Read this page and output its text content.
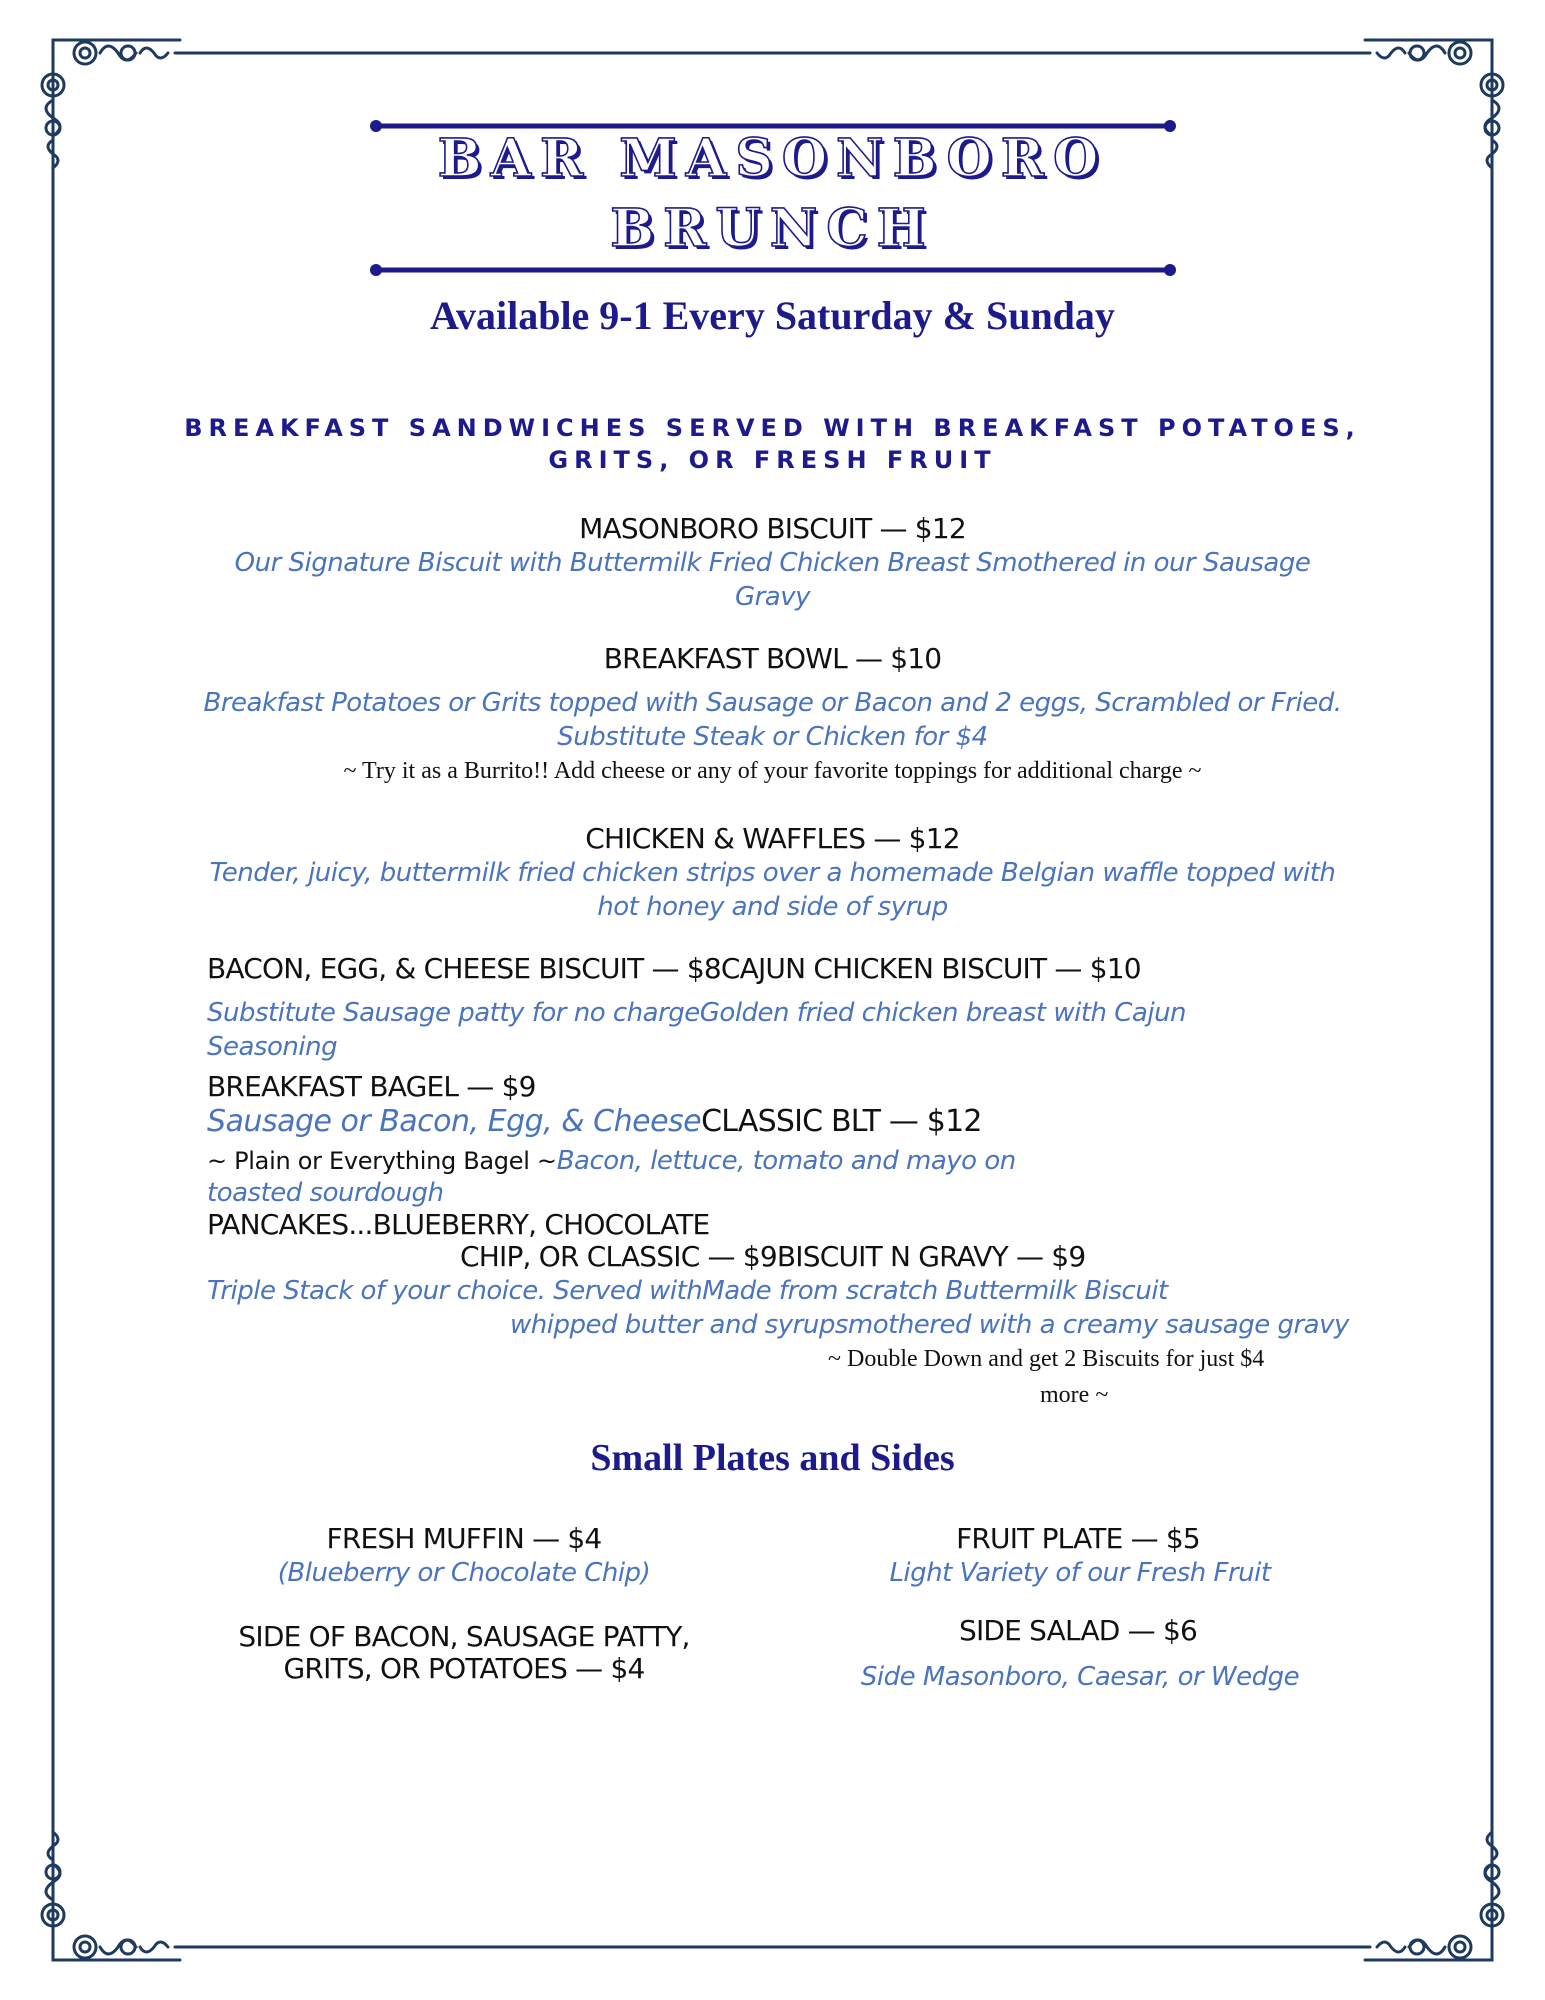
BAR MASONBORO
BRUNCH
Available 9-1 Every Saturday & Sunday
BREAKFAST SANDWICHES SERVED WITH BREAKFAST POTATOES,
GRITS, OR FRESH FRUIT
MASONBORO BISCUIT — $12
Our Signature Biscuit with Buttermilk Fried Chicken Breast Smothered in our Sausage
Gravy
BREAKFAST BOWL — $10
Breakfast Potatoes or Grits topped with Sausage or Bacon and 2 eggs, Scrambled or Fried.
Substitute Steak or Chicken for $4
~ Try it as a Burrito!! Add cheese or any of your favorite toppings for additional charge ~
CHICKEN & WAFFLES — $12
Tender, juicy, buttermilk fried chicken strips over a homemade Belgian waffle topped with
hot honey and side of syrup
BACON, EGG, & CHEESE BISCUIT — $8CAJUN CHICKEN BISCUIT — $10
Substitute Sausage patty for no chargeGolden fried chicken breast with Cajun
Seasoning
BREAKFAST BAGEL — $9
Sausage or Bacon, Egg, & CheeseCLASSIC BLT — $12
~ Plain or Everything Bagel ~Bacon, lettuce, tomato and mayo on
toasted sourdough
PANCAKES...BLUEBERRY, CHOCOLATE
CHIP, OR CLASSIC — $9BISCUIT N GRAVY — $9
Triple Stack of your choice. Served withMade from scratch Buttermilk Biscuit
whipped butter and syrupsmothered with a creamy sausage gravy
~ Double Down and get 2 Biscuits for just $4
more ~
Small Plates and Sides
FRESH MUFFIN — $4
(Blueberry or Chocolate Chip)
FRUIT PLATE — $5
Light Variety of our Fresh Fruit
SIDE OF BACON, SAUSAGE PATTY,
GRITS, OR POTATOES — $4
SIDE SALAD — $6
Side Masonboro, Caesar, or Wedge
